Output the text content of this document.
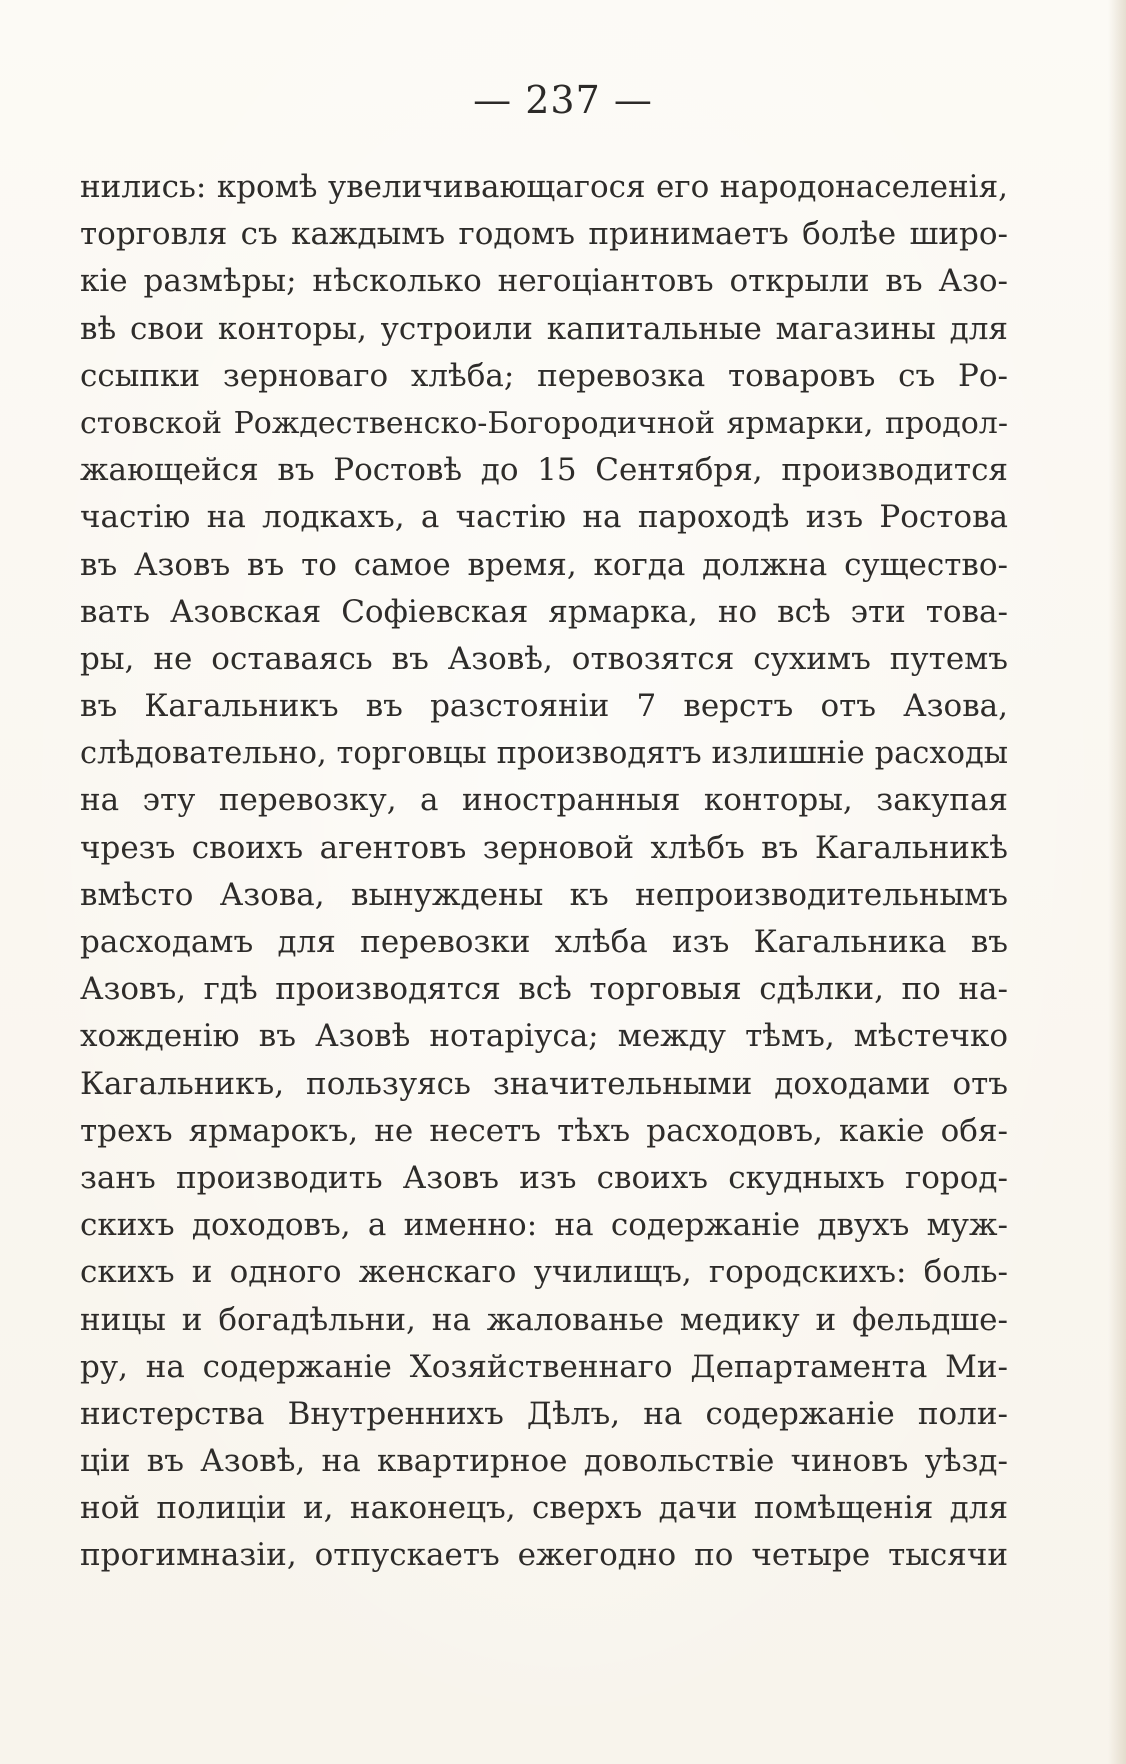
— 237 —
нились: кромѣ увеличивающагося его народонаселенія,
торговля съ каждымъ годомъ принимаетъ болѣе широ-
кіе размѣры; нѣсколько негоціантовъ открыли въ Азо-
вѣ свои конторы, устроили капитальные магазины для
ссыпки зерноваго хлѣба; перевозка товаровъ съ Ро-
стовской Рождественско-Богородичной ярмарки, продол-
жающейся въ Ростовѣ до 15 Сентября, производится
частію на лодкахъ, а частію на пароходѣ изъ Ростова
въ Азовъ въ то самое время, когда должна существо-
вать Азовская Софіевская ярмарка, но всѣ эти това-
ры, не оставаясь въ Азовѣ, отвозятся сухимъ путемъ
въ Кагальникъ въ разстояніи 7 верстъ отъ Азова,
слѣдовательно, торговцы производятъ излишніе расходы
на эту перевозку, а иностранныя конторы, закупая
чрезъ своихъ агентовъ зерновой хлѣбъ въ Кагальникѣ
вмѣсто Азова, вынуждены къ непроизводительнымъ
расходамъ для перевозки хлѣба изъ Кагальника въ
Азовъ, гдѣ производятся всѣ торговыя сдѣлки, по на-
хожденію въ Азовѣ нотаріуса; между тѣмъ, мѣстечко
Кагальникъ, пользуясь значительными доходами отъ
трехъ ярмарокъ, не несетъ тѣхъ расходовъ, какіе обя-
занъ производить Азовъ изъ своихъ скудныхъ город-
скихъ доходовъ, а именно: на содержаніе двухъ муж-
скихъ и одного женскаго училищъ, городскихъ: боль-
ницы и богадѣльни, на жалованье медику и фельдше-
ру, на содержаніе Хозяйственнаго Департамента Ми-
нистерства Внутреннихъ Дѣлъ, на содержаніе поли-
ціи въ Азовѣ, на квартирное довольствіе чиновъ уѣзд-
ной полиціи и, наконецъ, сверхъ дачи помѣщенія для
прогимназіи, отпускаетъ ежегодно по четыре тысячи
